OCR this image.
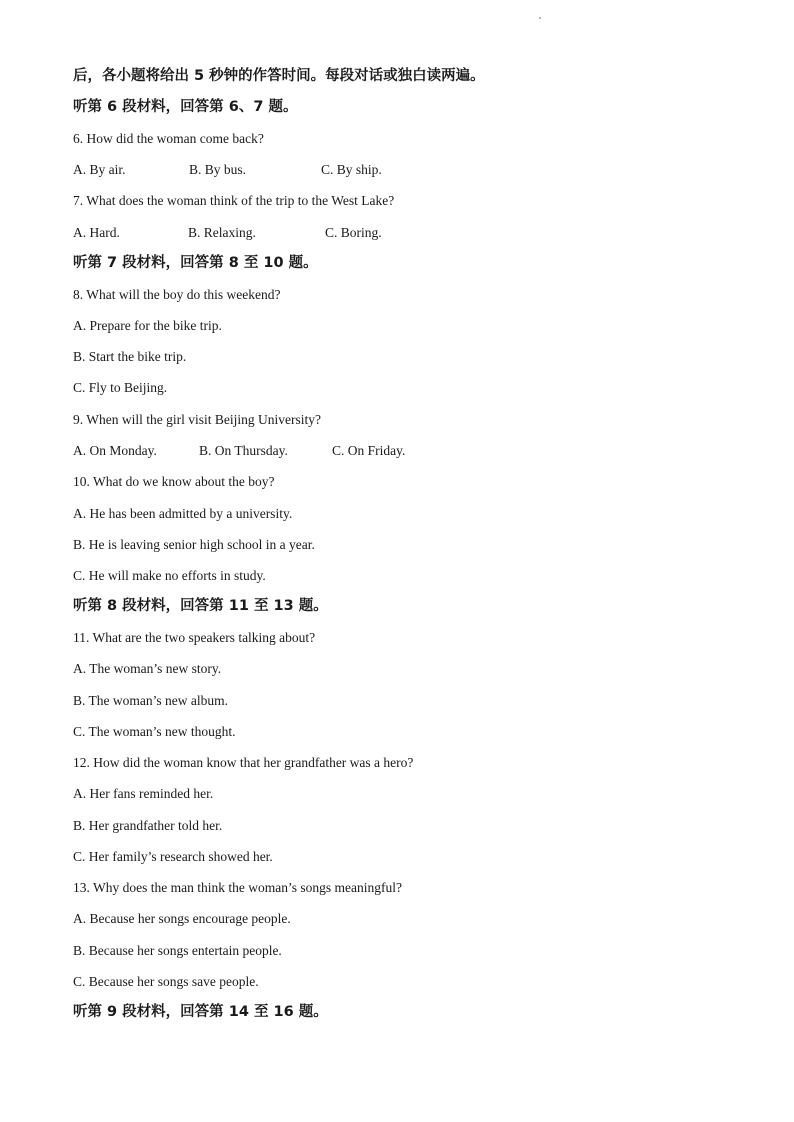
后，各小题将给出 5 秒钟的作答时间。每段对话或独白读两遍。
听第 6 段材料，回答第 6、7 题。
6. How did the woman come back?
A. By air.	B. By bus.	C. By ship.
7. What does the woman think of the trip to the West Lake?
A. Hard.	B. Relaxing.	C. Boring.
听第 7 段材料，回答第 8 至 10 题。
8. What will the boy do this weekend?
A. Prepare for the bike trip.
B. Start the bike trip.
C. Fly to Beijing.
9. When will the girl visit Beijing University?
A. On Monday.	B. On Thursday.	C. On Friday.
10. What do we know about the boy?
A. He has been admitted by a university.
B. He is leaving senior high school in a year.
C. He will make no efforts in study.
听第 8 段材料，回答第 11 至 13 题。
11. What are the two speakers talking about?
A. The woman’s new story.
B. The woman’s new album.
C. The woman’s new thought.
12. How did the woman know that her grandfather was a hero?
A. Her fans reminded her.
B. Her grandfather told her.
C. Her family’s research showed her.
13. Why does the man think the woman’s songs meaningful?
A. Because her songs encourage people.
B. Because her songs entertain people.
C. Because her songs save people.
听第 9 段材料，回答第 14 至 16 题。
